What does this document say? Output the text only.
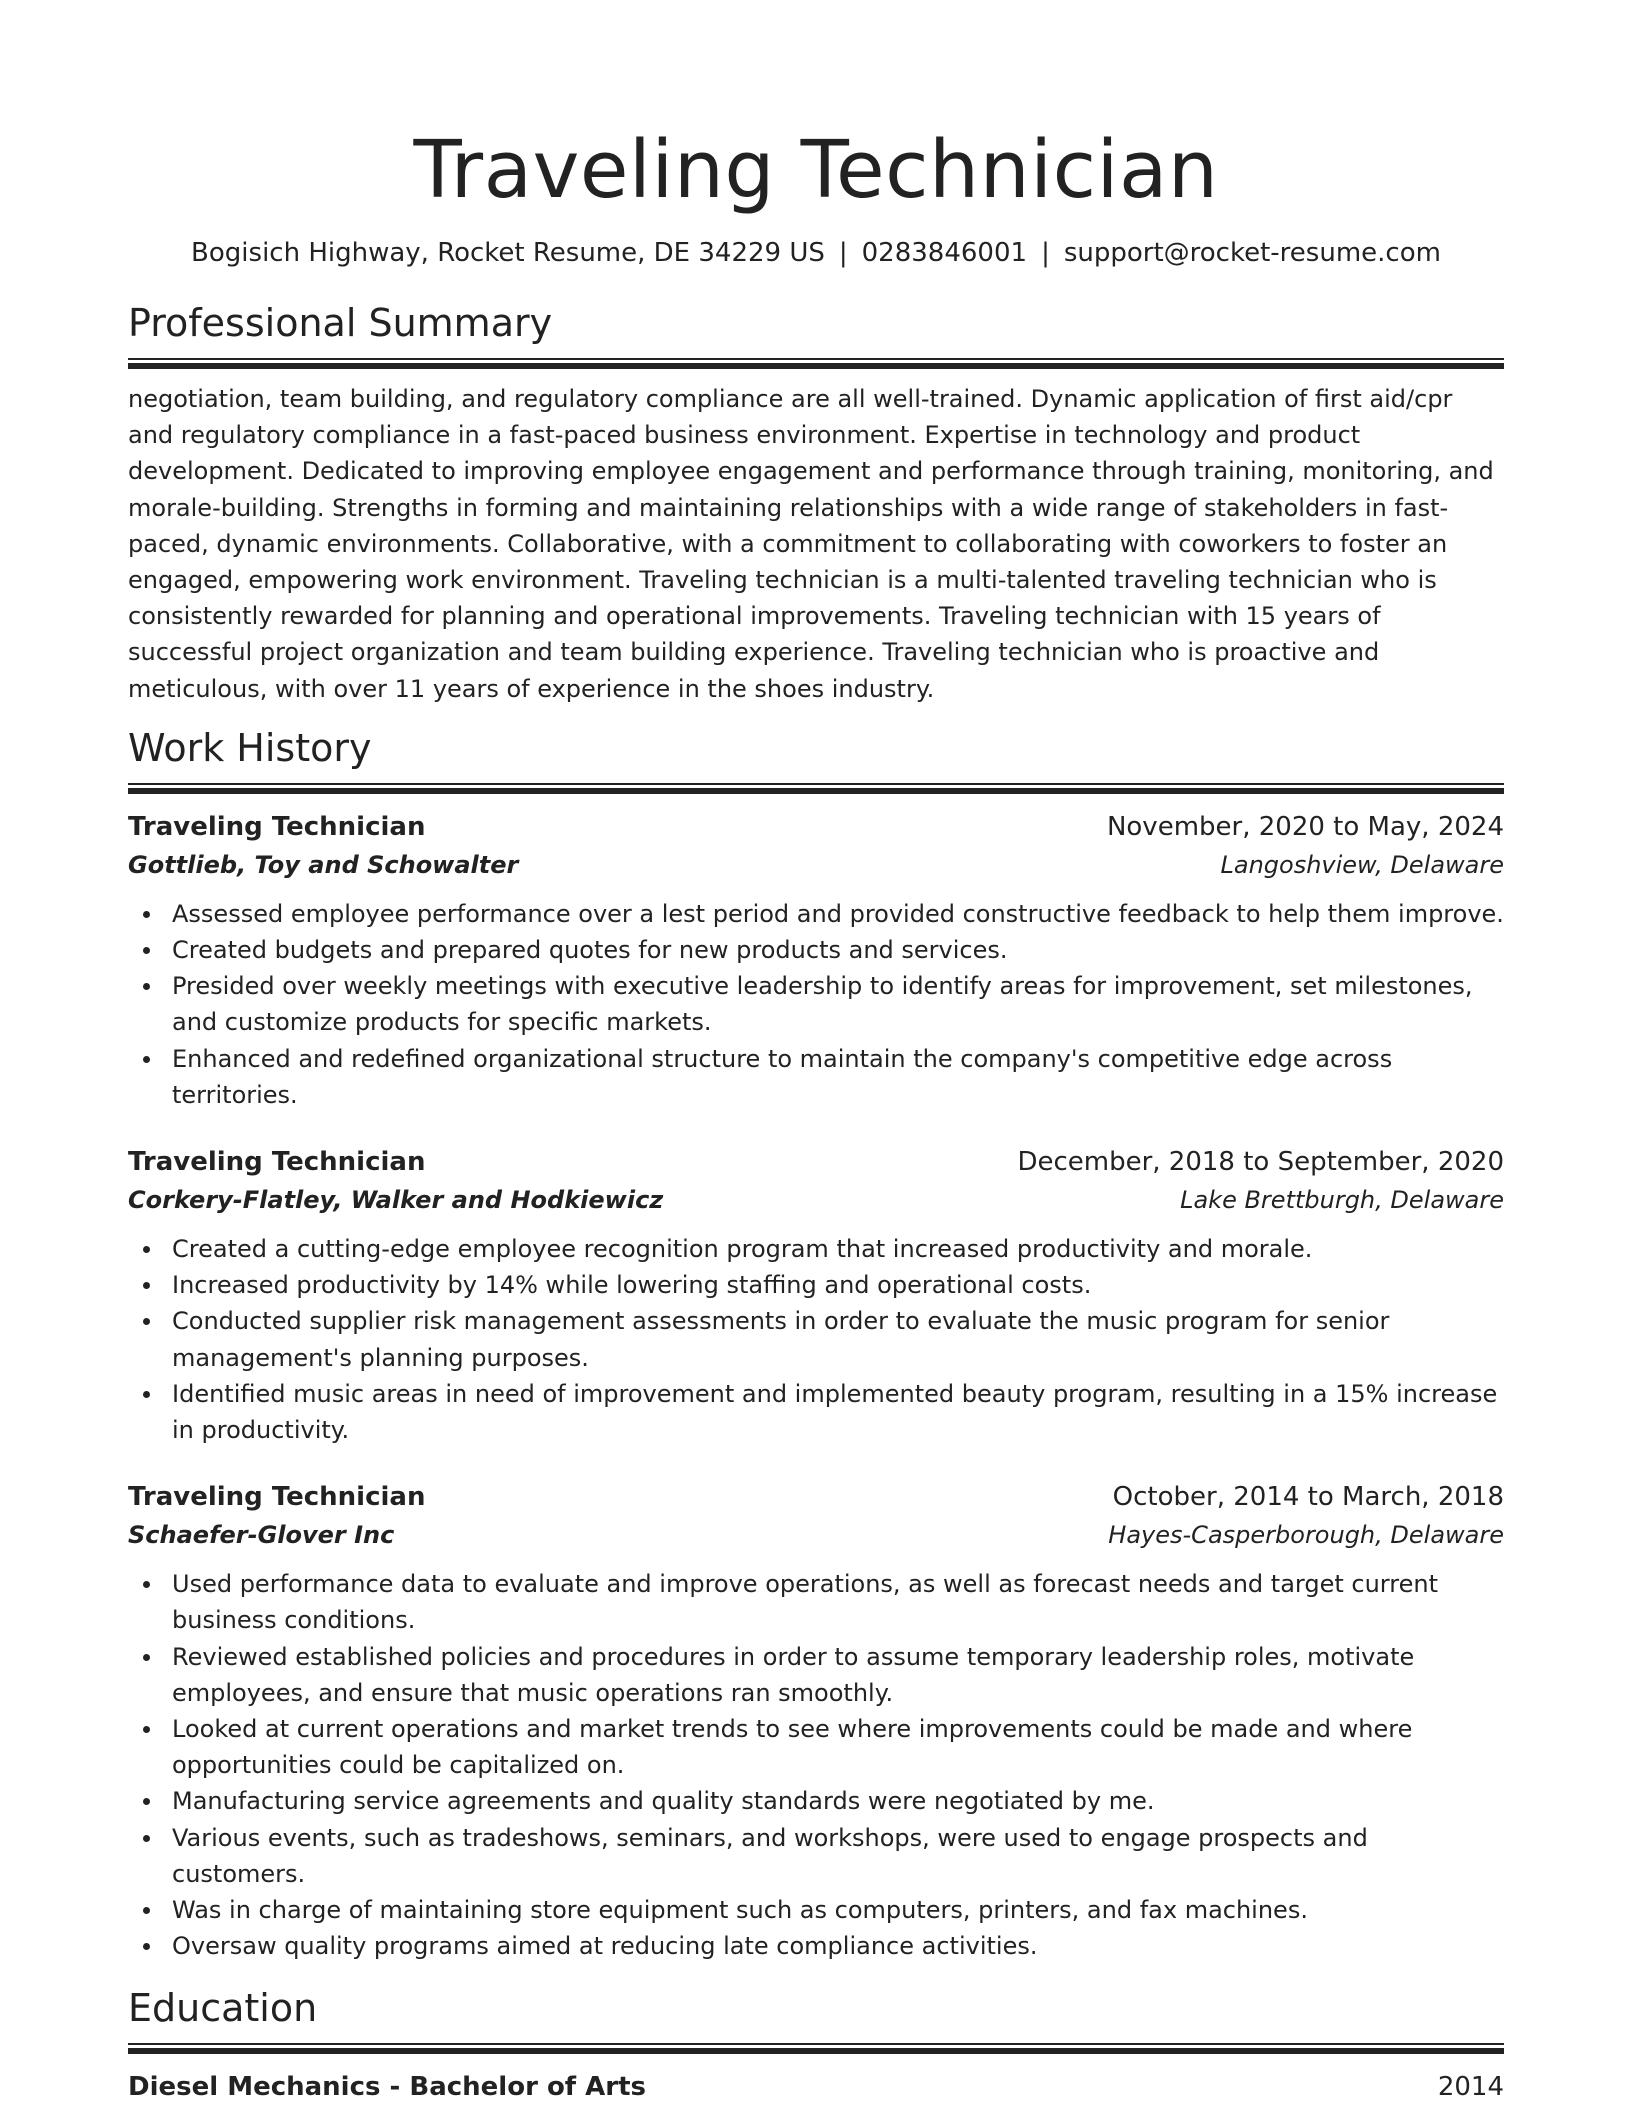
Traveling Technician
Bogisich Highway, Rocket Resume, DE 34229 US | 0283846001 | support@rocket-resume.com
Professional Summary

negotiation, team building, and regulatory compliance are all well-trained. Dynamic application of first aid/cpr and regulatory compliance in a fast-paced business environment. Expertise in technology and product development. Dedicated to improving employee engagement and performance through training, monitoring, and morale-building. Strengths in forming and maintaining relationships with a wide range of stakeholders in fast-paced, dynamic environments. Collaborative, with a commitment to collaborating with coworkers to foster an engaged, empowering work environment. Traveling technician is a multi-talented traveling technician who is consistently rewarded for planning and operational improvements. Traveling technician with 15 years of successful project organization and team building experience. Traveling technician who is proactive and meticulous, with over 11 years of experience in the shoes industry.

Work History
Traveling Technician	November, 2020 to May, 2024
Gottlieb, Toy and Schowalter	Langoshview, Delaware
Assessed employee performance over a lest period and provided constructive feedback to help them improve.
Created budgets and prepared quotes for new products and services.
Presided over weekly meetings with executive leadership to identify areas for improvement, set milestones, and customize products for specific markets.
Enhanced and redefined organizational structure to maintain the company's competitive edge across territories.
Traveling Technician	December, 2018 to September, 2020
Corkery-Flatley, Walker and Hodkiewicz	Lake Brettburgh, Delaware
Created a cutting-edge employee recognition program that increased productivity and morale.
Increased productivity by 14% while lowering staffing and operational costs.
Conducted supplier risk management assessments in order to evaluate the music program for senior management's planning purposes.
Identified music areas in need of improvement and implemented beauty program, resulting in a 15% increase in productivity.
Traveling Technician	October, 2014 to March, 2018
Schaefer-Glover Inc	Hayes-Casperborough, Delaware
Used performance data to evaluate and improve operations, as well as forecast needs and target current business conditions.
Reviewed established policies and procedures in order to assume temporary leadership roles, motivate employees, and ensure that music operations ran smoothly.
Looked at current operations and market trends to see where improvements could be made and where opportunities could be capitalized on.
Manufacturing service agreements and quality standards were negotiated by me.
Various events, such as tradeshows, seminars, and workshops, were used to engage prospects and customers.
Was in charge of maintaining store equipment such as computers, printers, and fax machines.
Oversaw quality programs aimed at reducing late compliance activities.
Education
Diesel Mechanics - Bachelor of Arts	2014
